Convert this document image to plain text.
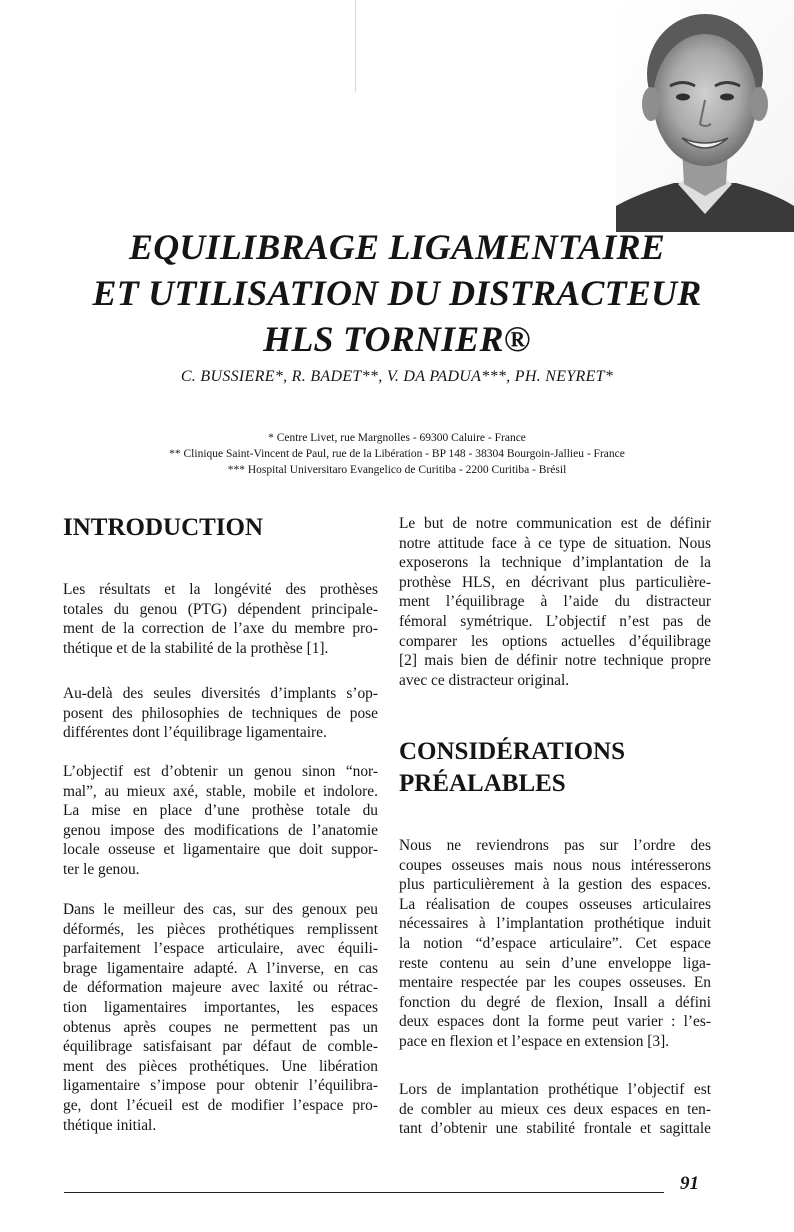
EQUILIBRAGE LIGAMENTAIRE
ET UTILISATION DU DISTRACTEUR
HLS TORNIER®
C. BUSSIERE*, R. BADET**, V. DA PADUA***, PH. NEYRET*
* Centre Livet, rue Margnolles - 69300 Caluire - France
** Clinique Saint-Vincent de Paul, rue de la Libération - BP 148 - 38304 Bourgoin-Jallieu - France
*** Hospital Universitaro Evangelico de Curitiba - 2200 Curitiba - Brésil
INTRODUCTION
Les résultats et la longévité des prothèses
totales du genou (PTG) dépendent principale-
ment de la correction de l’axe du membre pro-
thétique et de la stabilité de la prothèse [1].
Au-delà des seules diversités d’implants s’op-
posent des philosophies de techniques de pose
différentes dont l’équilibrage ligamentaire.
L’objectif est d’obtenir un genou sinon “nor-
mal”, au mieux axé, stable, mobile et indolore.
La mise en place d’une prothèse totale du
genou impose des modifications de l’anatomie
locale osseuse et ligamentaire que doit suppor-
ter le genou.
Dans le meilleur des cas, sur des genoux peu
déformés, les pièces prothétiques remplissent
parfaitement l’espace articulaire, avec équili-
brage ligamentaire adapté. A l’inverse, en cas
de déformation majeure avec laxité ou rétrac-
tion ligamentaires importantes, les espaces
obtenus après coupes ne permettent pas un
équilibrage satisfaisant par défaut de comble-
ment des pièces prothétiques. Une libération
ligamentaire s’impose pour obtenir l’équilibra-
ge, dont l’écueil est de modifier l’espace pro-
thétique initial.
Le but de notre communication est de définir
notre attitude face à ce type de situation. Nous
exposerons la technique d’implantation de la
prothèse HLS, en décrivant plus particulière-
ment l’équilibrage à l’aide du distracteur
fémoral symétrique. L’objectif n’est pas de
comparer les options actuelles d’équilibrage
[2] mais bien de définir notre technique propre
avec ce distracteur original.
CONSIDÉRATIONS
PRÉALABLES
Nous ne reviendrons pas sur l’ordre des
coupes osseuses mais nous nous intéresserons
plus particulièrement à la gestion des espaces.
La réalisation de coupes osseuses articulaires
nécessaires à l’implantation prothétique induit
la notion “d’espace articulaire”. Cet espace
reste contenu au sein d’une enveloppe liga-
mentaire respectée par les coupes osseuses. En
fonction du degré de flexion, Insall a défini
deux espaces dont la forme peut varier : l’es-
pace en flexion et l’espace en extension [3].
Lors de implantation prothétique l’objectif est
de combler au mieux ces deux espaces en ten-
tant d’obtenir une stabilité frontale et sagittale
91
